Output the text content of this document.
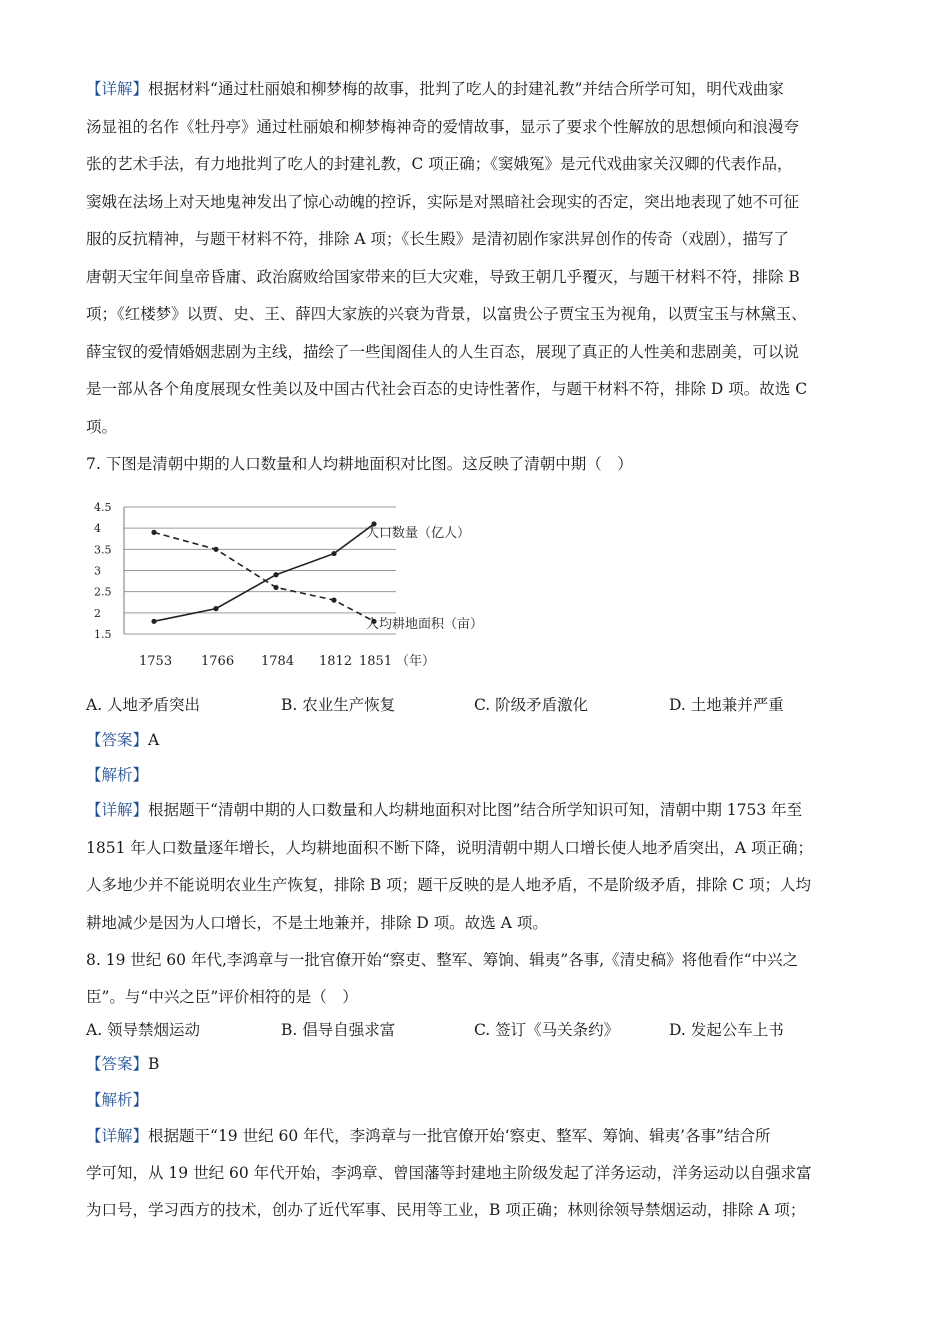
【详解】根据材料“通过杜丽娘和柳梦梅的故事，批判了吃人的封建礼教”并结合所学可知，明代戏曲家
汤显祖的名作《牡丹亭》通过杜丽娘和柳梦梅神奇的爱情故事，显示了要求个性解放的思想倾向和浪漫夸
张的艺术手法，有力地批判了吃人的封建礼教，C 项正确；《窦娥冤》是元代戏曲家关汉卿的代表作品，
窦娥在法场上对天地鬼神发出了惊心动魄的控诉，实际是对黑暗社会现实的否定，突出地表现了她不可征
服的反抗精神，与题干材料不符，排除 A 项；《长生殿》是清初剧作家洪昇创作的传奇（戏剧），描写了
唐朝天宝年间皇帝昏庸、政治腐败给国家带来的巨大灾难，导致王朝几乎覆灭，与题干材料不符，排除 B
项；《红楼梦》以贾、史、王、薛四大家族的兴衰为背景，以富贵公子贾宝玉为视角，以贾宝玉与林黛玉、
薛宝钗的爱情婚姻悲剧为主线，描绘了一些闺阁佳人的人生百态，展现了真正的人性美和悲剧美，可以说
是一部从各个角度展现女性美以及中国古代社会百态的史诗性著作，与题干材料不符，排除 D 项。故选 C
项。
7. 下图是清朝中期的人口数量和人均耕地面积对比图。这反映了清朝中期（　）
1.5
2
2.5
3
3.5
4
4.5
1753 1766 1784 1812 1851
人口数量（亿人）
人均耕地面积（亩）
（年）
A. 人地矛盾突出	B. 农业生产恢复	C. 阶级矛盾激化	D. 土地兼并严重
【答案】A
【解析】
【详解】根据题干“清朝中期的人口数量和人均耕地面积对比图”结合所学知识可知，清朝中期 1753 年至
1851 年人口数量逐年增长，人均耕地面积不断下降，说明清朝中期人口增长使人地矛盾突出，A 项正确；
人多地少并不能说明农业生产恢复，排除 B 项；题干反映的是人地矛盾，不是阶级矛盾，排除 C 项；人均
耕地减少是因为人口增长，不是土地兼并，排除 D 项。故选 A 项。
8. 19 世纪 60 年代,李鸿章与一批官僚开始“察吏、整军、筹饷、辑夷”各事,《清史稿》将他看作“中兴之
臣”。与“中兴之臣”评价相符的是（　）
A. 领导禁烟运动	B. 倡导自强求富	C. 签订《马关条约》	D. 发起公车上书
【答案】B
【解析】
【详解】根据题干“19 世纪 60 年代，李鸿章与一批官僚开始‘察吏、整军、筹饷、辑夷’各事”结合所
学可知，从 19 世纪 60 年代开始，李鸿章、曾国藩等封建地主阶级发起了洋务运动，洋务运动以自强求富
为口号，学习西方的技术，创办了近代军事、民用等工业，B 项正确；林则徐领导禁烟运动，排除 A 项；
